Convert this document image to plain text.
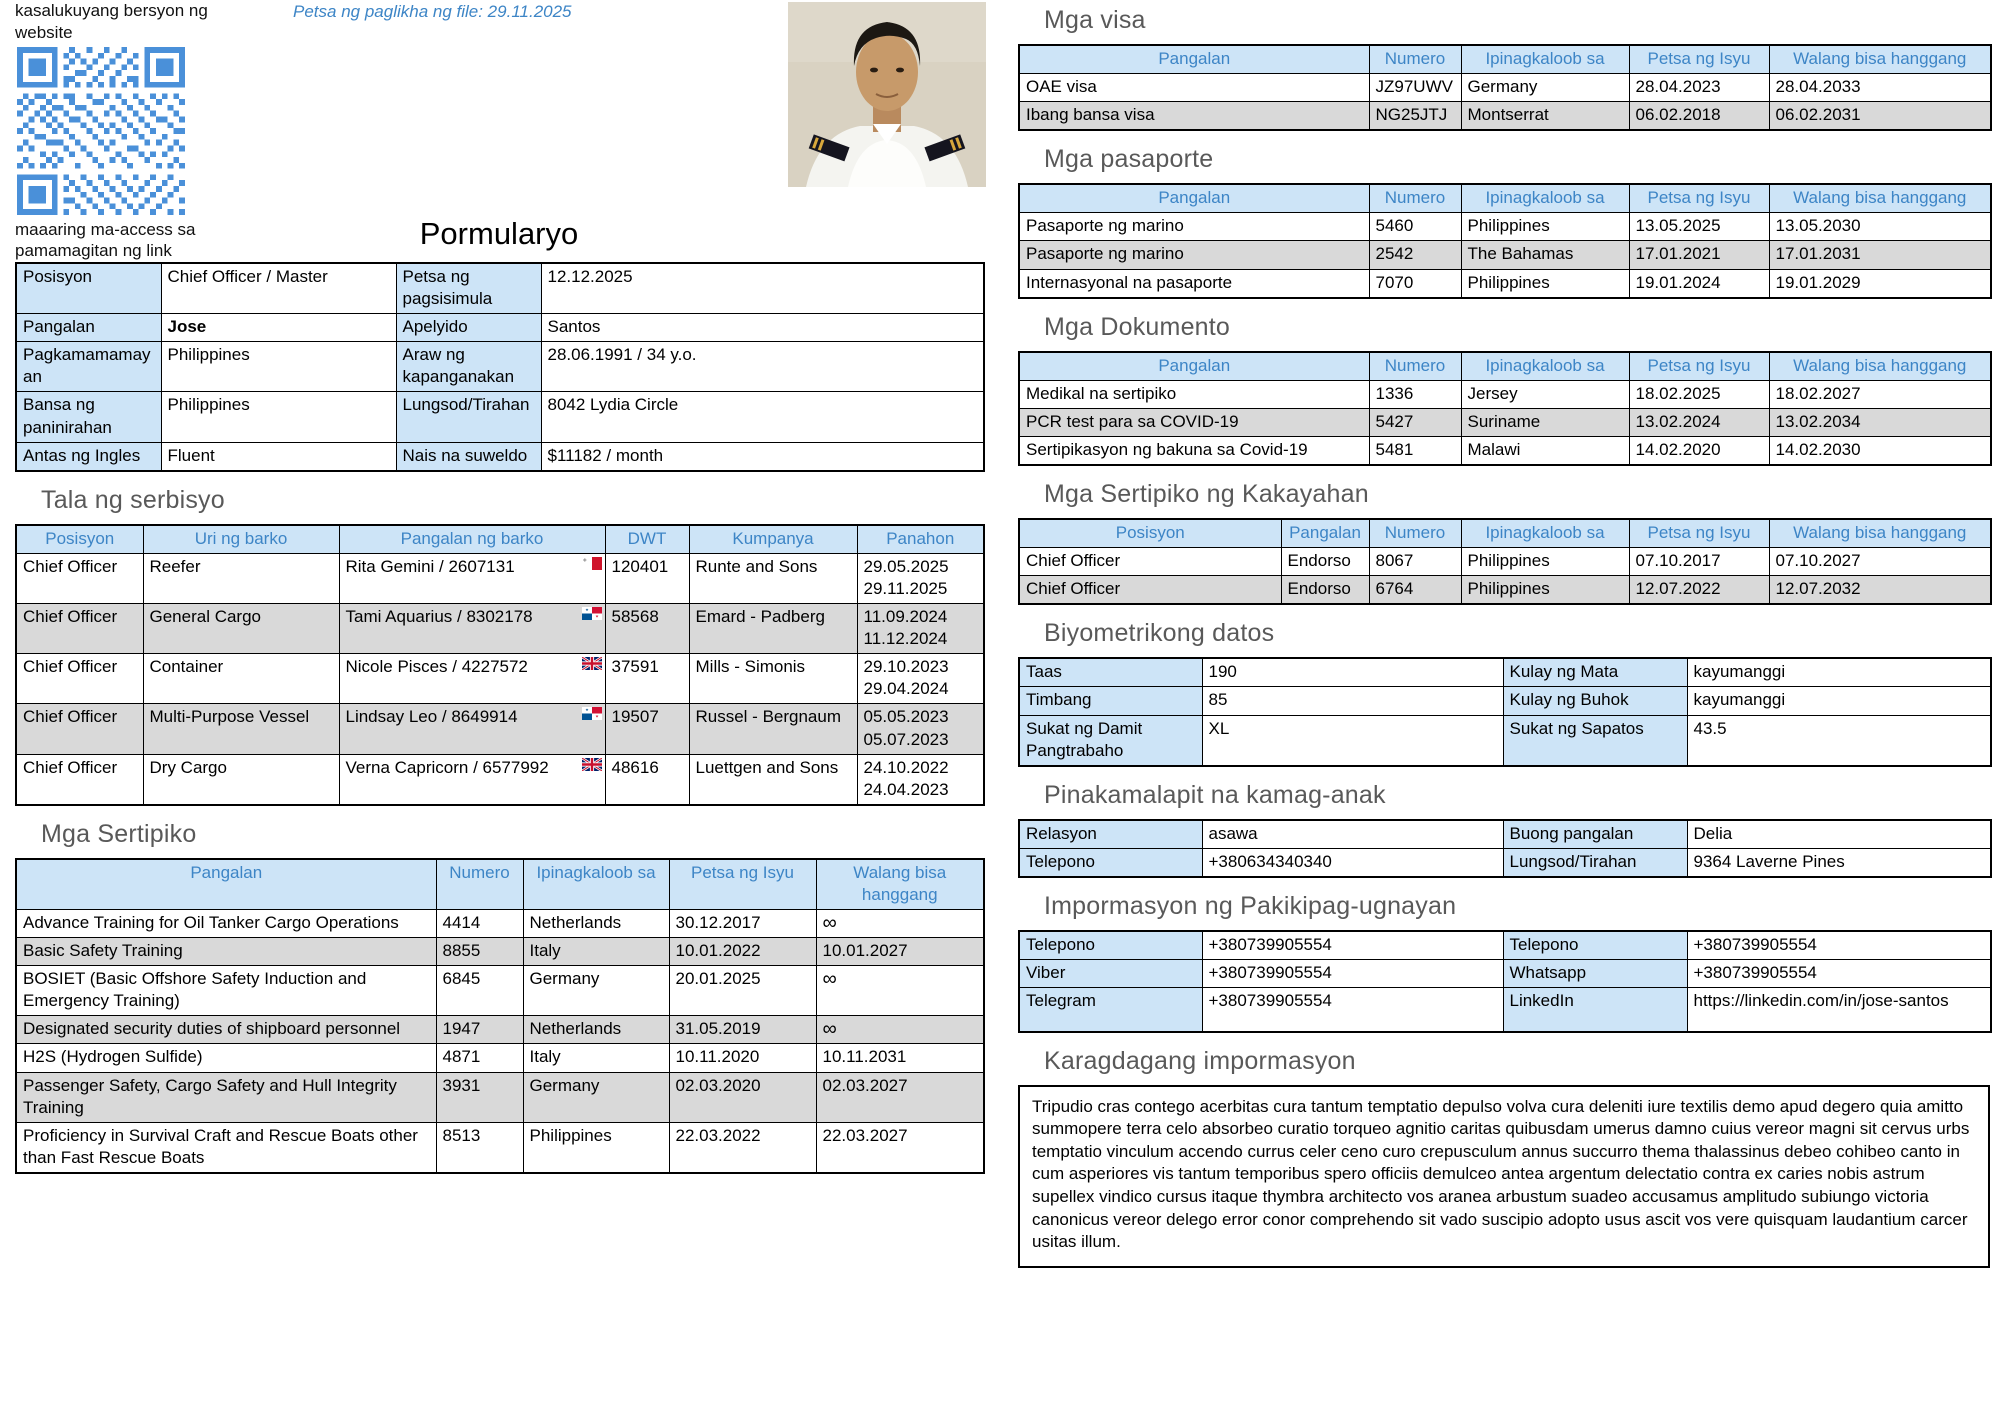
kasalukuyang bersyon ng website
maaaring ma-access sa pamamagitan ng link
Petsa ng paglikha ng file: 29.11.2025
Pormularyo
Posisyon	Chief Officer / Master	Petsa ng pagsisimula	12.12.2025
Pangalan	Jose	Apelyido	Santos
Pagkamamamayan	Philippines	Araw ng kapanganakan	28.06.1991 / 34 y.o.
Bansa ng paninirahan	Philippines	Lungsod/Tirahan	8042 Lydia Circle
Antas ng Ingles	Fluent	Nais na suweldo	$11182 / month
Tala ng serbisyo
Posisyon	Uri ng barko	Pangalan ng barko	DWT	Kumpanya	Panahon
Chief Officer	Reefer	Rita Gemini / 2607131	120401	Runte and Sons	29.05.2025
29.11.2025

Chief Officer	General Cargo	Tami Aquarius / 8302178	58568	Emard - Padberg	11.09.2024
11.12.2024

Chief Officer	Container	Nicole Pisces / 4227572	37591	Mills - Simonis	29.10.2023
29.04.2024

Chief Officer	Multi-Purpose Vessel	Lindsay Leo / 8649914	19507	Russel - Bergnaum	05.05.2023
05.07.2023

Chief Officer	Dry Cargo	Verna Capricorn / 6577992	48616	Luettgen and Sons	24.10.2022
24.04.2023
Mga Sertipiko
Pangalan	Numero	Ipinagkaloob sa	Petsa ng Isyu	Walang bisa hanggang
Advance Training for Oil Tanker Cargo Operations	4414	Netherlands	30.12.2017	∞
Basic Safety Training	8855	Italy	10.01.2022	10.01.2027
BOSIET (Basic Offshore Safety Induction and Emergency Training)	6845	Germany	20.01.2025	∞
Designated security duties of shipboard personnel	1947	Netherlands	31.05.2019	∞
H2S (Hydrogen Sulfide)	4871	Italy	10.11.2020	10.11.2031
Passenger Safety, Cargo Safety and Hull Integrity Training	3931	Germany	02.03.2020	02.03.2027
Proficiency in Survival Craft and Rescue Boats other than Fast Rescue Boats	8513	Philippines	22.03.2022	22.03.2027
Mga visa
Pangalan	Numero	Ipinagkaloob sa	Petsa ng Isyu	Walang bisa hanggang
OAE visa	JZ97UWV	Germany	28.04.2023	28.04.2033
Ibang bansa visa	NG25JTJ	Montserrat	06.02.2018	06.02.2031
Mga pasaporte
Pangalan	Numero	Ipinagkaloob sa	Petsa ng Isyu	Walang bisa hanggang
Pasaporte ng marino	5460	Philippines	13.05.2025	13.05.2030
Pasaporte ng marino	2542	The Bahamas	17.01.2021	17.01.2031
Internasyonal na pasaporte	7070	Philippines	19.01.2024	19.01.2029
Mga Dokumento
Pangalan	Numero	Ipinagkaloob sa	Petsa ng Isyu	Walang bisa hanggang
Medikal na sertipiko	1336	Jersey	18.02.2025	18.02.2027
PCR test para sa COVID-19	5427	Suriname	13.02.2024	13.02.2034
Sertipikasyon ng bakuna sa Covid-19	5481	Malawi	14.02.2020	14.02.2030
Mga Sertipiko ng Kakayahan
Posisyon	Pangalan	Numero	Ipinagkaloob sa	Petsa ng Isyu	Walang bisa hanggang
Chief Officer	Endorso	8067	Philippines	07.10.2017	07.10.2027
Chief Officer	Endorso	6764	Philippines	12.07.2022	12.07.2032
Biyometrikong datos
Taas	190	Kulay ng Mata	kayumanggi
Timbang	85	Kulay ng Buhok	kayumanggi
Sukat ng Damit Pangtrabaho	XL	Sukat ng Sapatos	43.5
Pinakamalapit na kamag-anak
Relasyon	asawa	Buong pangalan	Delia
Telepono	+380634340340	Lungsod/Tirahan	9364 Laverne Pines
Impormasyon ng Pakikipag-ugnayan
Telepono	+380739905554	Telepono	+380739905554
Viber	+380739905554	Whatsapp	+380739905554
Telegram	+380739905554	LinkedIn	https://linkedin.com/in/jose-santos
Karagdagang impormasyon

Tripudio cras contego acerbitas cura tantum temptatio depulso volva cura deleniti iure textilis demo apud degero quia amitto summopere terra celo absorbeo curatio torqueo agnitio caritas quibusdam umerus damno cuius vereor magni sit cervus urbs temptatio vinculum accendo currus celer ceno curo crepusculum annus succurro thema thalassinus debeo cohibeo canto in cum asperiores vis tantum temporibus spero officiis demulceo antea argentum delectatio contra ex caries nobis astrum supellex vindico cursus itaque thymbra architecto vos aranea arbustum suadeo accusamus amplitudo subiungo victoria canonicus vereor delego error conor comprehendo sit vado suscipio adopto usus ascit vos vere quisquam laudantium carcer usitas illum.
